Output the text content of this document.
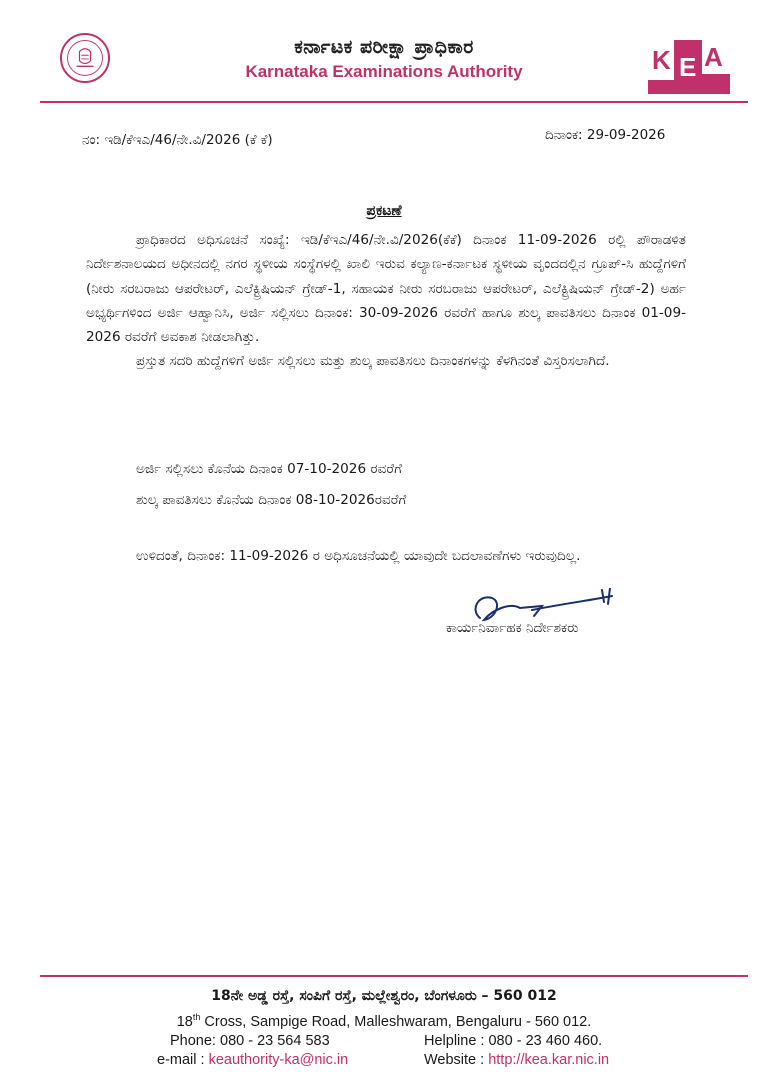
ಕರ್ನಾಟಕ ಪರೀಕ್ಷಾ ಪ್ರಾಧಿಕಾರ
Karnataka Examinations Authority	K E A
ನಂ: ಇಡಿ/ಕೆಇಎ/46/ನೇ.ವಿ/2026 (ಕೆ ಕೆ)	ದಿನಾಂಕ: 29-09-2026
ಪ್ರಕಟಣೆ

ಪ್ರಾಧಿಕಾರದ ಅಧಿಸೂಚನೆ ಸಂಖ್ಯೆ: ಇಡಿ/ಕೆಇಎ/46/ನೇ.ವಿ/2026(ಕೆಕೆ) ದಿನಾಂಕ 11-09-2026 ರಲ್ಲಿ ಪೌರಾಡಳಿತ ನಿರ್ದೇಶನಾಲಯದ ಅಧೀನದಲ್ಲಿ ನಗರ ಸ್ಥಳೀಯ ಸಂಸ್ಥೆಗಳಲ್ಲಿ ಖಾಲಿ ಇರುವ ಕಲ್ಯಾಣ-ಕರ್ನಾಟಕ ಸ್ಥಳೀಯ ವೃಂದದಲ್ಲಿನ ಗ್ರೂಪ್-ಸಿ ಹುದ್ದೆಗಳಿಗೆ (ನೀರು ಸರಬರಾಜು ಆಪರೇಟರ್, ಎಲೆಕ್ಟ್ರಿಷಿಯನ್ ಗ್ರೇಡ್-1, ಸಹಾಯಕ ನೀರು ಸರಬರಾಜು ಆಪರೇಟರ್, ಎಲೆಕ್ಟ್ರಿಷಿಯನ್ ಗ್ರೇಡ್-2) ಅರ್ಹ ಅಭ್ಯರ್ಥಿಗಳಿಂದ ಅರ್ಜಿ ಆಹ್ವಾನಿಸಿ, ಅರ್ಜಿ ಸಲ್ಲಿಸಲು ದಿನಾಂಕ: 30-09-2026 ರವರೆಗೆ ಹಾಗೂ ಶುಲ್ಕ ಪಾವತಿಸಲು ದಿನಾಂಕ 01-09-2026 ರವರೆಗೆ ಅವಕಾಶ ನೀಡಲಾಗಿತ್ತು.

ಪ್ರಸ್ತುತ ಸದರಿ ಹುದ್ದೆಗಳಿಗೆ ಅರ್ಜಿ ಸಲ್ಲಿಸಲು ಮತ್ತು ಶುಲ್ಕ ಪಾವತಿಸಲು ದಿನಾಂಕಗಳನ್ನು ಕೆಳಗಿನಂತೆ ವಿಸ್ತರಿಸಲಾಗಿದೆ.

ಅರ್ಜಿ ಸಲ್ಲಿಸಲು ಕೊನೆಯ ದಿನಾಂಕ 07-10-2026 ರವರೆಗೆ
ಶುಲ್ಕ ಪಾವತಿಸಲು ಕೊನೆಯ ದಿನಾಂಕ 08-10-2026ರವರೆಗೆ
ಉಳಿದಂತೆ, ದಿನಾಂಕ: 11-09-2026 ರ ಅಧಿಸೂಚನೆಯಲ್ಲಿ ಯಾವುದೇ ಬದಲಾವಣೆಗಳು ಇರುವುದಿಲ್ಲ.
ಕಾರ್ಯನಿರ್ವಾಹಕ ನಿರ್ದೇಶಕರು
18ನೇ ಅಡ್ಡ ರಸ್ತೆ, ಸಂಪಿಗೆ ರಸ್ತೆ, ಮಲ್ಲೇಶ್ವರಂ, ಬೆಂಗಳೂರು – 560 012
18th Cross, Sampige Road, Malleshwaram, Bengaluru - 560 012.
Phone: 080 - 23 564 583	Helpline : 080 - 23 460 460.
e-mail : keauthority-ka@nic.in	Website : http://kea.kar.nic.in
